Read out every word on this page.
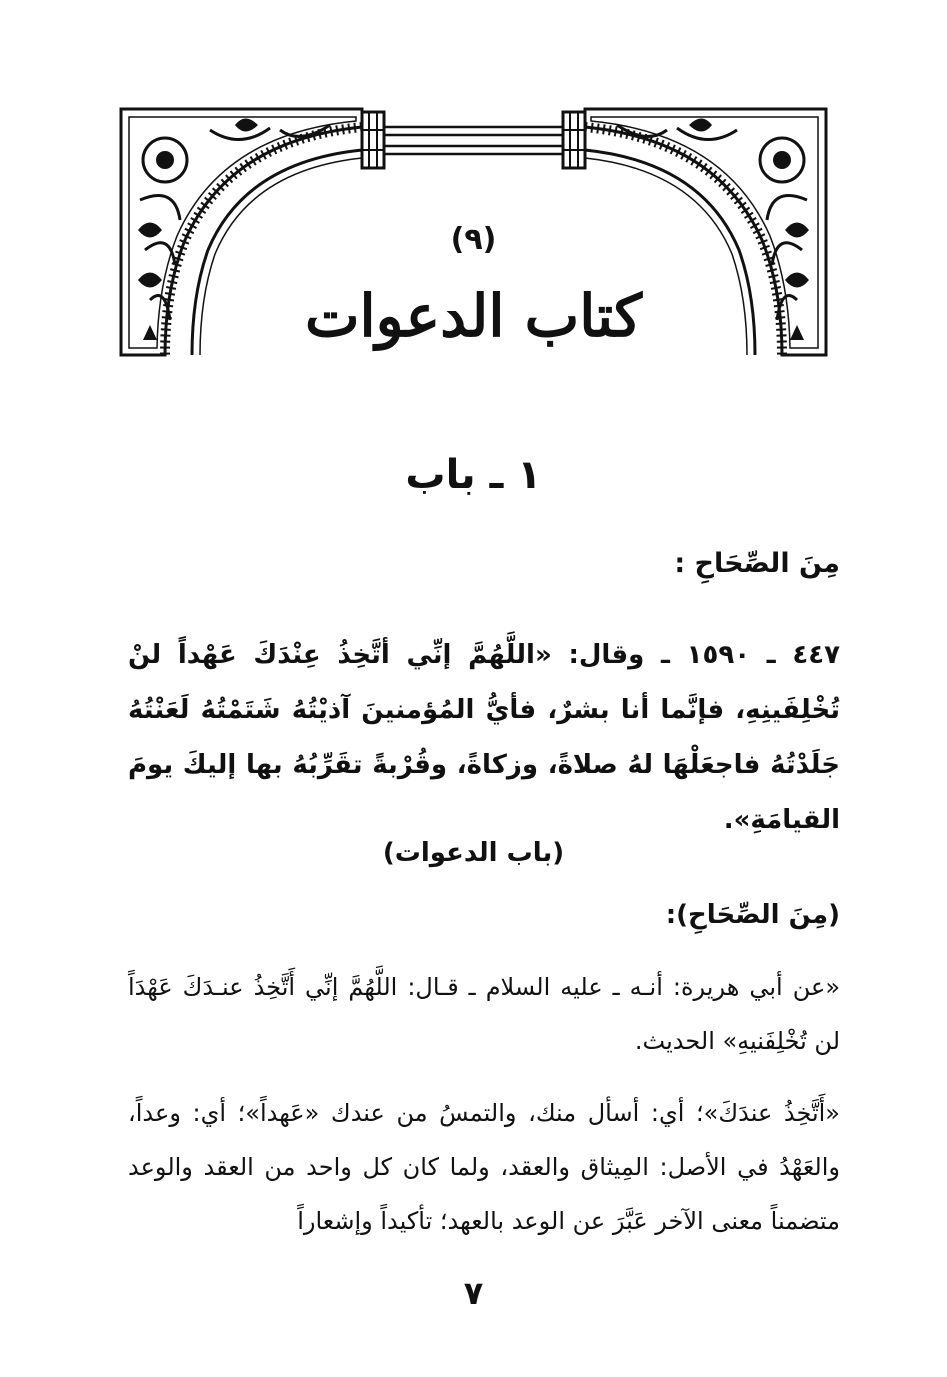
(٩)
كتاب الدعوات
١ ـ باب
مِنَ الصِّحَاحِ :
٤٤٧ ـ ١٥٩٠ ـ وقال: «اللَّهُمَّ إنِّي أتَّخِذُ عِنْدَكَ عَهْداً لنْ تُخْلِفَينِهِ، فإنَّما أنا بشرٌ، فأيُّ المُؤمنينَ آذيْتُهُ شَتَمْتُهُ لَعَنْتُهُ جَلَدْتُهُ فاجعَلْهَا لهُ صلاةً، وزكاةً، وقُرْبةً تقَرِّبُهُ بها إليكَ يومَ القيامَةِ».
(باب الدعوات)
(مِنَ الصِّحَاحِ):
«عن أبي هريرة: أنـه ـ عليه السلام ـ قـال: اللَّهُمَّ إنِّي أَتَّخِذُ عنـدَكَ عَهْدَاً لن تُخْلِفَنيهِ» الحديث.
«أَتَّخِذُ عندَكَ»؛ أي: أسأل منك، والتمسُ من عندك «عَهداً»؛ أي: وعداً، والعَهْدُ في الأصل: المِيثاق والعقد، ولما كان كل واحد من العقد والوعد متضمناً معنى الآخر عَبَّرَ عن الوعد بالعهد؛ تأكيداً وإشعاراً
٧
